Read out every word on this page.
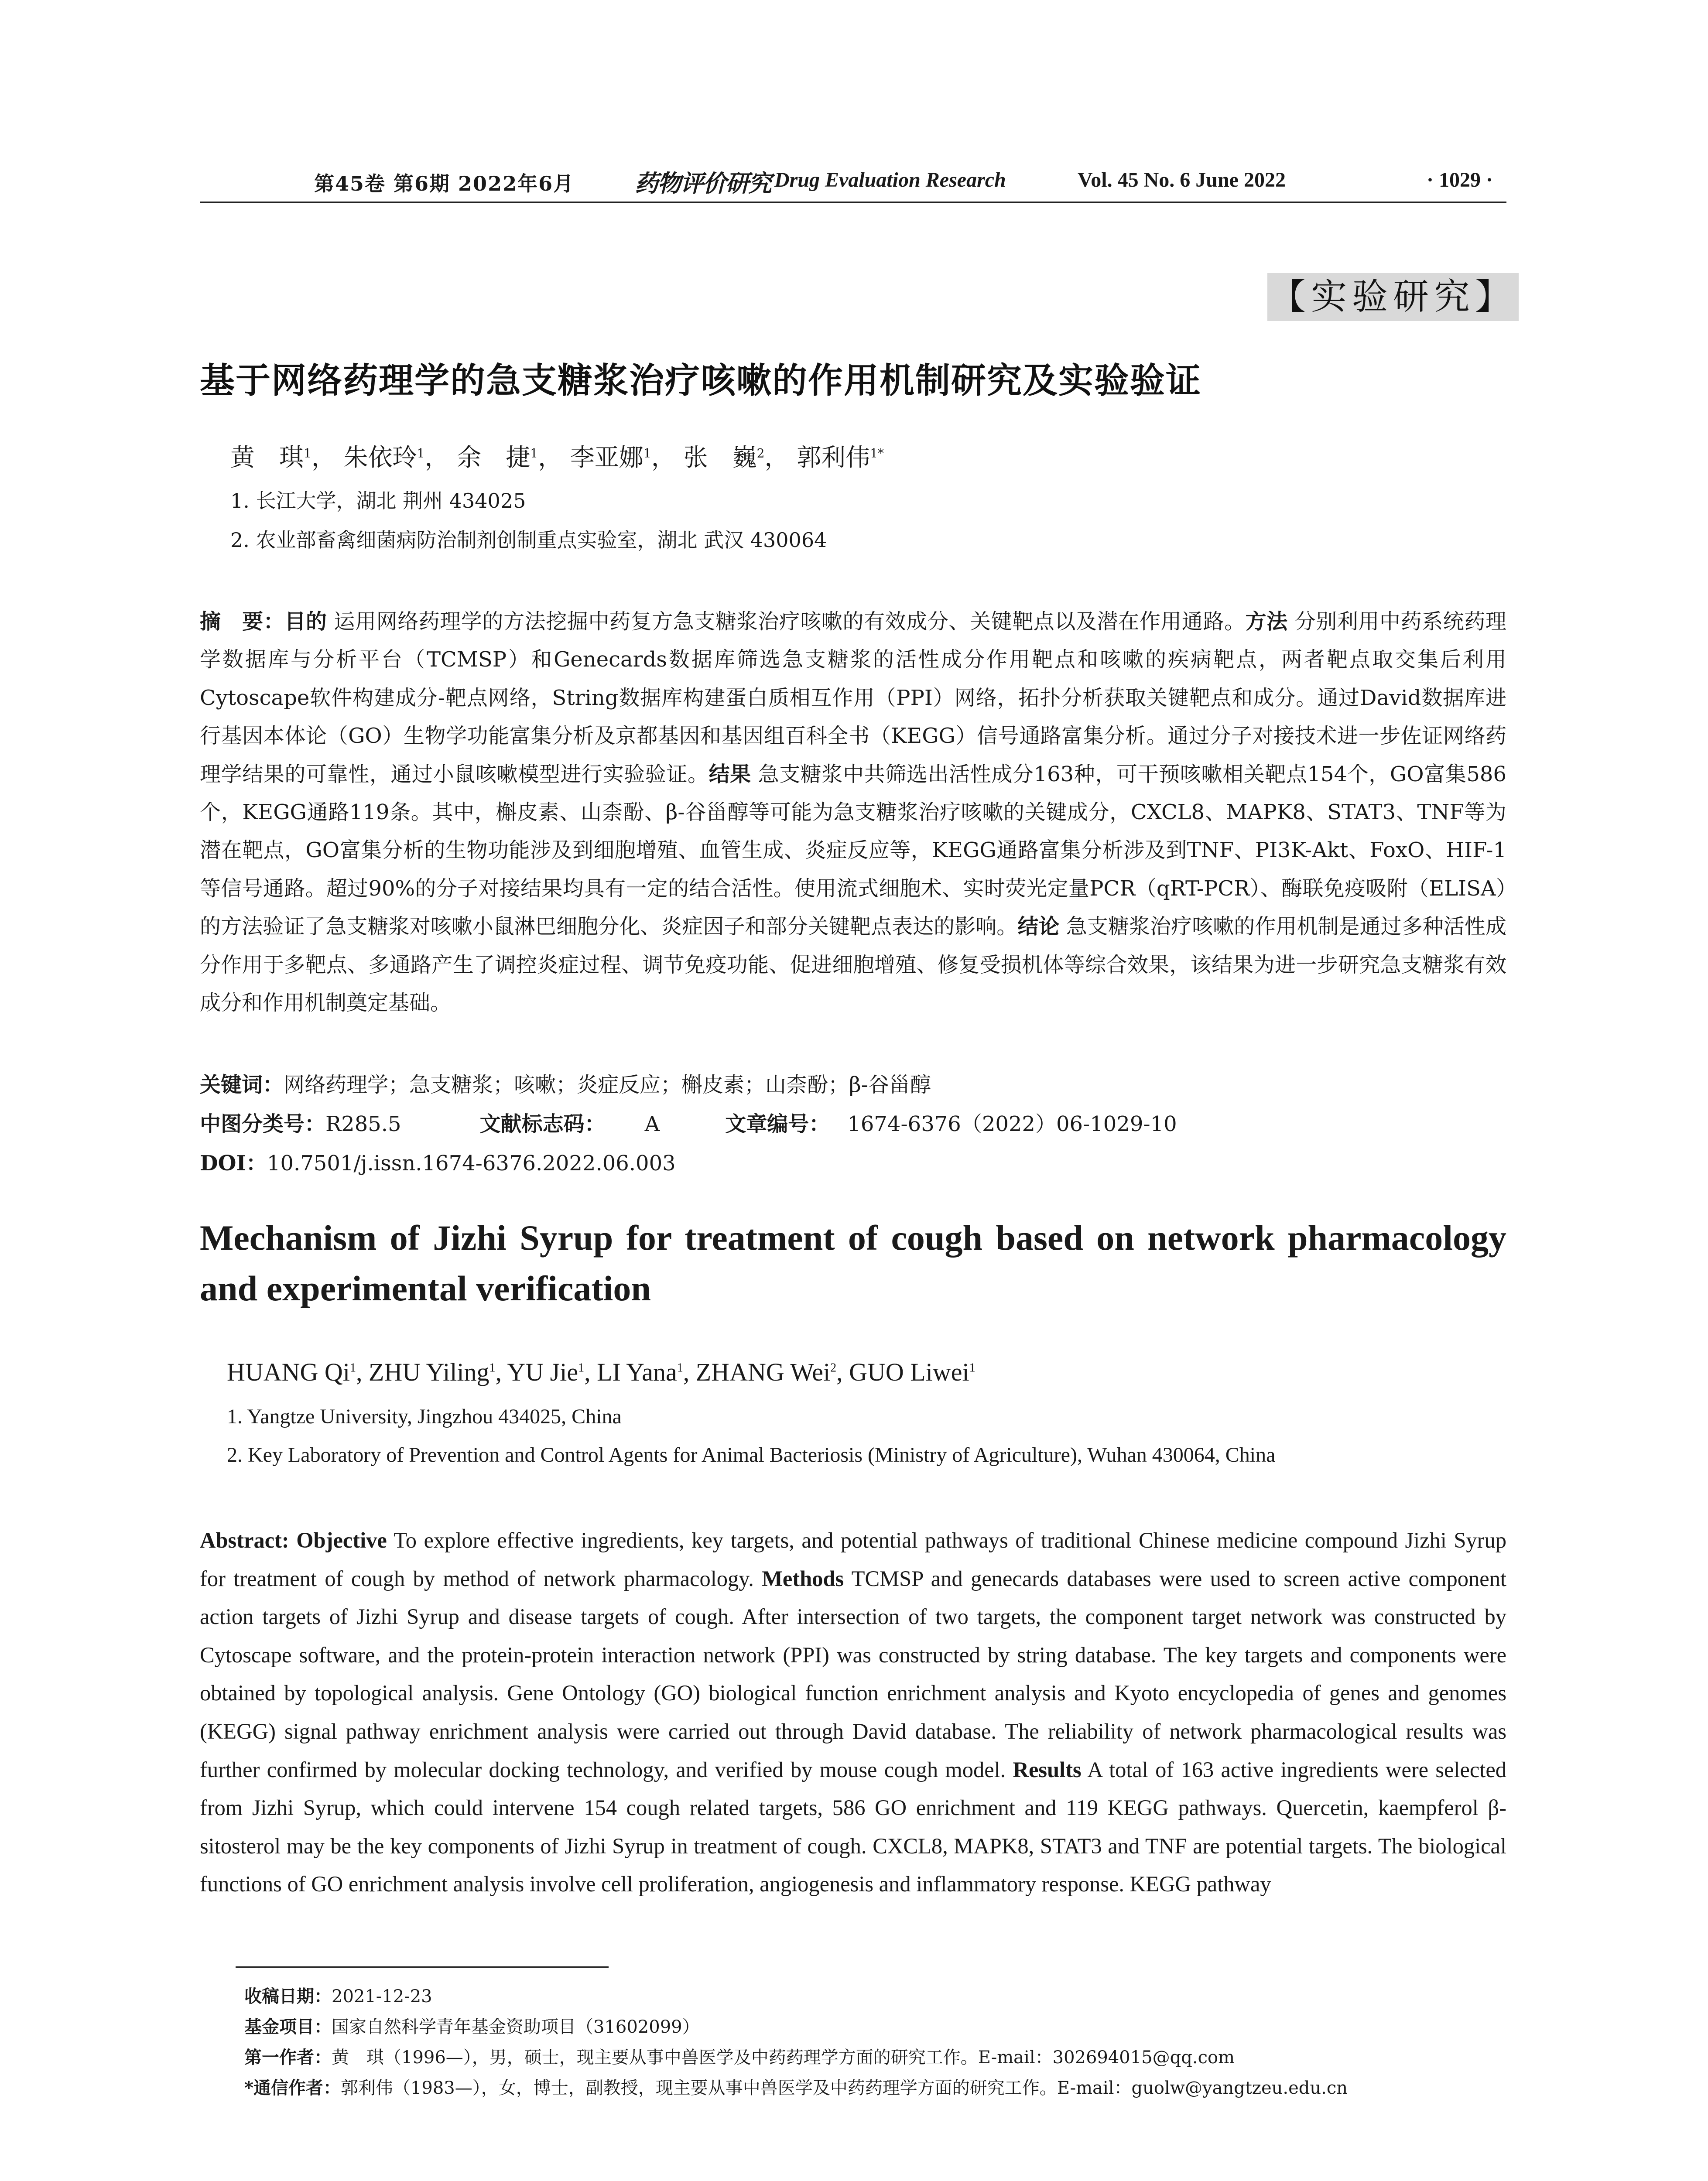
第45卷 第6期 2022年6月	药物评价研究 Drug Evaluation Research	Vol. 45 No. 6 June 2022	· 1029 ·
【实验研究】
基于网络药理学的急支糖浆治疗咳嗽的作用机制研究及实验验证
黄　琪$^1$， 朱依玲$^1$， 余　捷$^1$， 李亚娜$^1$， 张　巍$^2$， 郭利伟$^{1*}$
1. 长江大学，湖北 荆州 434025
2. 农业部畜禽细菌病防治制剂创制重点实验室，湖北 武汉 430064

摘　要：目的 运用网络药理学的方法挖掘中药复方急支糖浆治疗咳嗽的有效成分、关键靶点以及潜在作用通路。方法 分别利用中药系统药理学数据库与分析平台（TCMSP）和Genecards数据库筛选急支糖浆的活性成分作用靶点和咳嗽的疾病靶点，两者靶点取交集后利用Cytoscape软件构建成分-靶点网络，String数据库构建蛋白质相互作用（PPI）网络，拓扑分析获取关键靶点和成分。通过David数据库进行基因本体论（GO）生物学功能富集分析及京都基因和基因组百科全书（KEGG）信号通路富集分析。通过分子对接技术进一步佐证网络药理学结果的可靠性，通过小鼠咳嗽模型进行实验验证。结果 急支糖浆中共筛选出活性成分163种，可干预咳嗽相关靶点154个，GO富集586个，KEGG通路119条。其中，槲皮素、山柰酚、β-谷甾醇等可能为急支糖浆治疗咳嗽的关键成分，CXCL8、MAPK8、STAT3、TNF等为潜在靶点，GO富集分析的生物功能涉及到细胞增殖、血管生成、炎症反应等，KEGG通路富集分析涉及到TNF、PI3K-Akt、FoxO、HIF-1等信号通路。超过90%的分子对接结果均具有一定的结合活性。使用流式细胞术、实时荧光定量PCR（qRT-PCR）、酶联免疫吸附（ELISA）的方法验证了急支糖浆对咳嗽小鼠淋巴细胞分化、炎症因子和部分关键靶点表达的影响。结论 急支糖浆治疗咳嗽的作用机制是通过多种活性成分作用于多靶点、多通路产生了调控炎症过程、调节免疫功能、促进细胞增殖、修复受损机体等综合效果，该结果为进一步研究急支糖浆有效成分和作用机制奠定基础。

关键词：网络药理学；急支糖浆；咳嗽；炎症反应；槲皮素；山柰酚；β-谷甾醇
中图分类号：R285.5	文献标志码： A	文章编号： 1674-6376（2022）06-1029-10
DOI：10.7501/j.issn.1674-6376.2022.06.003

Mechanism of Jizhi Syrup for treatment of cough based on network pharmacology and experimental verification

HUANG Qi$^1$, ZHU Yiling$^1$, YU Jie$^1$, LI Yana$^1$, ZHANG Wei$^2$, GUO Liwei$^1$
1. Yangtze University, Jingzhou 434025, China
2. Key Laboratory of Prevention and Control Agents for Animal Bacteriosis (Ministry of Agriculture), Wuhan 430064, China

Abstract: Objective To explore effective ingredients, key targets, and potential pathways of traditional Chinese medicine compound Jizhi Syrup for treatment of cough by method of network pharmacology. Methods TCMSP and genecards databases were used to screen active component action targets of Jizhi Syrup and disease targets of cough. After intersection of two targets, the component target network was constructed by Cytoscape software, and the protein-protein interaction network (PPI) was constructed by string database. The key targets and components were obtained by topological analysis. Gene Ontology (GO) biological function enrichment analysis and Kyoto encyclopedia of genes and genomes (KEGG) signal pathway enrichment analysis were carried out through David database. The reliability of network pharmacological results was further confirmed by molecular docking technology, and verified by mouse cough model. Results A total of 163 active ingredients were selected from Jizhi Syrup, which could intervene 154 cough related targets, 586 GO enrichment and 119 KEGG pathways. Quercetin, kaempferol β-sitosterol may be the key components of Jizhi Syrup in treatment of cough. CXCL8, MAPK8, STAT3 and TNF are potential targets. The biological functions of GO enrichment analysis involve cell proliferation, angiogenesis and inflammatory response. KEGG pathway

收稿日期：2021-12-23
基金项目：国家自然科学青年基金资助项目（31602099）
第一作者：黄　琪（1996—），男，硕士，现主要从事中兽医学及中药药理学方面的研究工作。E-mail：302694015@qq.com
*通信作者：郭利伟（1983—），女，博士，副教授，现主要从事中兽医学及中药药理学方面的研究工作。E-mail：guolw@yangtzeu.edu.cn
